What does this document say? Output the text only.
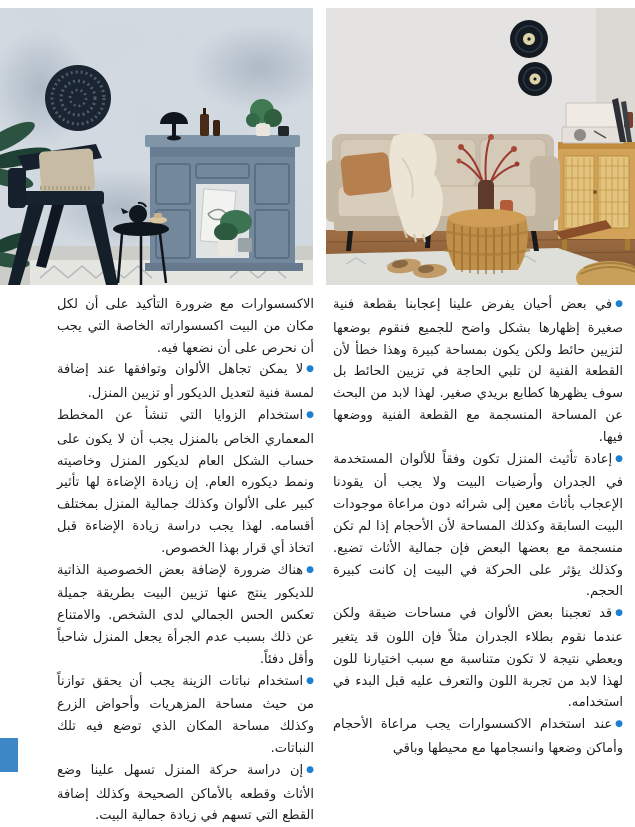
●في بعض أحيان يفرض علينا إعجابنا بقطعة فنية صغيرة إظهارها بشكل واضح للجميع فنقوم بوضعها لتزيين حائط ولكن يكون بمساحة كبيرة وهذا خطأ لأن القطعة الفنية لن تلبي الحاجة في تزيين الحائط بل سوف يظهرها كطابع بريدي صغير. لهذا لابد من البحث عن المساحة المنسجمة مع القطعة الفنية ووضعها فيها.

●إعادة تأثيث المنزل تكون وفقاً للألوان المستخدمة في الجدران وأرضيات البيت ولا يجب أن يقودنا الإعجاب بأثاث معين إلى شرائه دون مراعاة موجودات البيت السابقة وكذلك المساحة لأن الأحجام إذا لم تكن منسجمة مع بعضها البعض فإن جمالية الأثاث تضيع. وكذلك يؤثر على الحركة في البيت إن كانت كبيرة الحجم.

●قد تعجبنا بعض الألوان في مساحات ضيقة ولكن عندما نقوم بطلاء الجدران مثلاً فإن اللون قد يتغير ويعطي نتيجة لا تكون متناسبة مع سبب اختيارنا للون لهذا لابد من تجربة اللون والتعرف عليه قبل البدء في استخدامه.

●عند استخدام الاكسسوارات يجب مراعاة الأحجام وأماكن وضعها وانسجامها مع محيطها وباقي

الاكسسوارات مع ضرورة التأكيد على أن لكل مكان من البيت اكسسواراته الخاصة التي يجب أن نحرص على أن نضعها فيه.

●لا يمكن تجاهل الألوان وتوافقها عند إضافة لمسة فنية لتعديل الديكور أو تزيين المنزل.

●استخدام الزوايا التي تنشأ عن المخطط المعماري الخاص بالمنزل يجب أن لا يكون على حساب الشكل العام لديكور المنزل وخاصيته ونمط ديكوره العام. إن زيادة الإضاءة لها تأثير كبير على الألوان وكذلك جمالية المنزل بمختلف أقسامه. لهذا يجب دراسة زيادة الإضاءة قبل اتخاذ أي قرار بهذا الخصوص.

●هناك ضرورة لإضافة بعض الخصوصية الذاتية للديكور ينتج عنها تزيين البيت بطريقة جميلة تعكس الحس الجمالي لدى الشخص. والامتناع عن ذلك بسبب عدم الجرأة يجعل المنزل شاحباً وأقل دفئاً.

●استخدام نباتات الزينة يجب أن يحقق توازناً من حيث مساحة المزهريات وأحواض الزرع وكذلك مساحة المكان الذي توضع فيه تلك النباتات.

●إن دراسة حركة المنزل تسهل علينا وضع الأثاث وقطعه بالأماكن الصحيحة وكذلك إضافة القطع التي تسهم في زيادة جمالية البيت.
